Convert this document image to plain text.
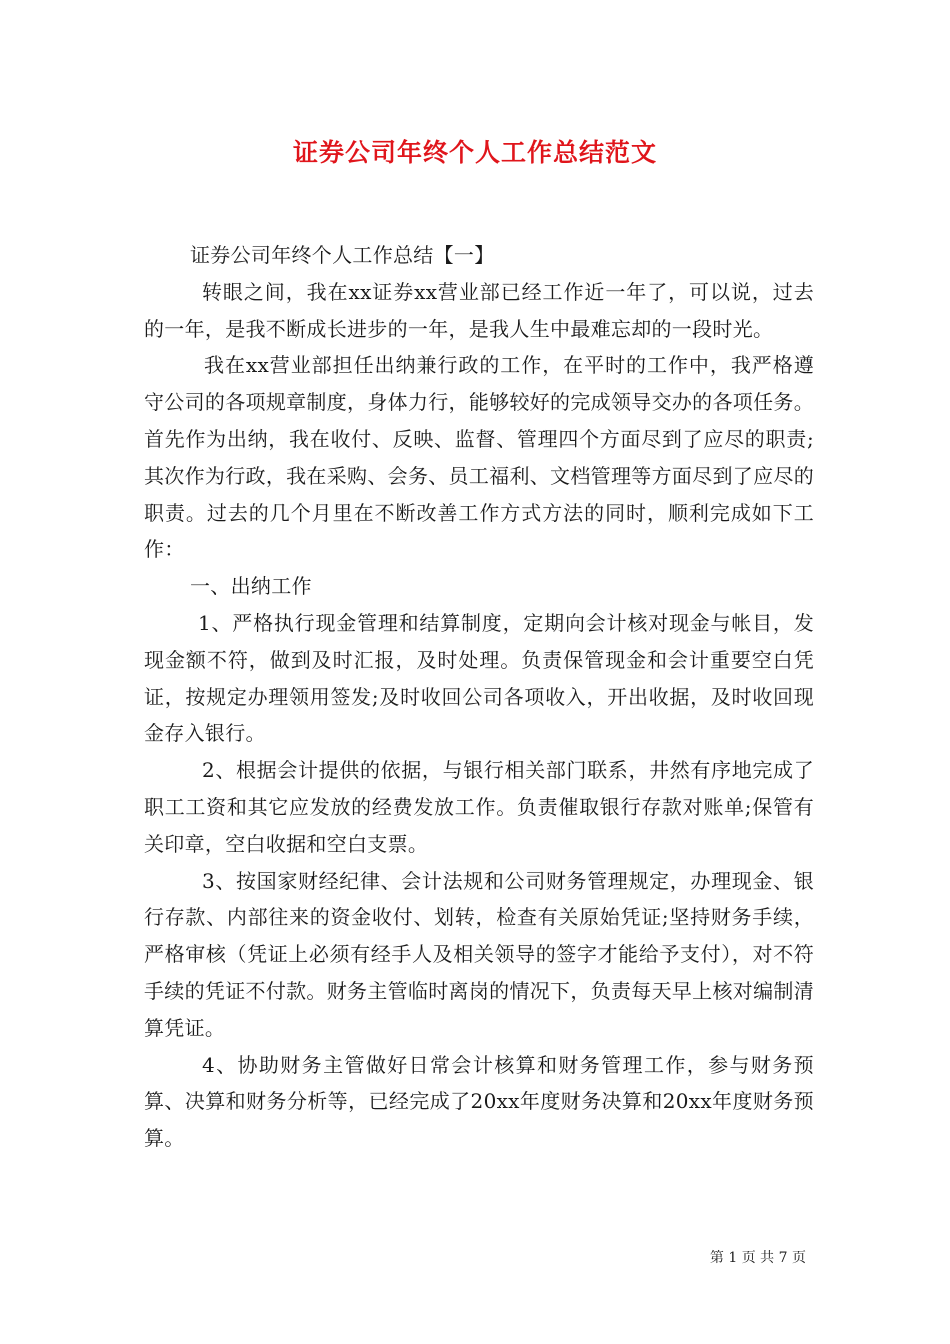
证券公司年终个人工作总结范文

证券公司年终个人工作总结【一】

转眼之间，我在xx证券xx营业部已经工作近一年了，可以说，过去的一年，是我不断成长进步的一年，是我人生中最难忘却的一段时光。

我在xx营业部担任出纳兼行政的工作，在平时的工作中，我严格遵守公司的各项规章制度，身体力行，能够较好的完成领导交办的各项任务。首先作为出纳，我在收付、反映、监督、管理四个方面尽到了应尽的职责;其次作为行政，我在采购、会务、员工福利、文档管理等方面尽到了应尽的职责。过去的几个月里在不断改善工作方式方法的同时，顺利完成如下工作：

一、出纳工作

1、严格执行现金管理和结算制度，定期向会计核对现金与帐目，发现金额不符，做到及时汇报，及时处理。负责保管现金和会计重要空白凭证，按规定办理领用签发;及时收回公司各项收入，开出收据，及时收回现金存入银行。

2、根据会计提供的依据，与银行相关部门联系，井然有序地完成了职工工资和其它应发放的经费发放工作。负责催取银行存款对账单;保管有关印章，空白收据和空白支票。

3、按国家财经纪律、会计法规和公司财务管理规定，办理现金、银行存款、内部往来的资金收付、划转，检查有关原始凭证;坚持财务手续，严格审核（凭证上必须有经手人及相关领导的签字才能给予支付），对不符手续的凭证不付款。财务主管临时离岗的情况下，负责每天早上核对编制清算凭证。

4、协助财务主管做好日常会计核算和财务管理工作，参与财务预算、决算和财务分析等，已经完成了20xx年度财务决算和20xx年度财务预算。

第 1 页 共 7 页
